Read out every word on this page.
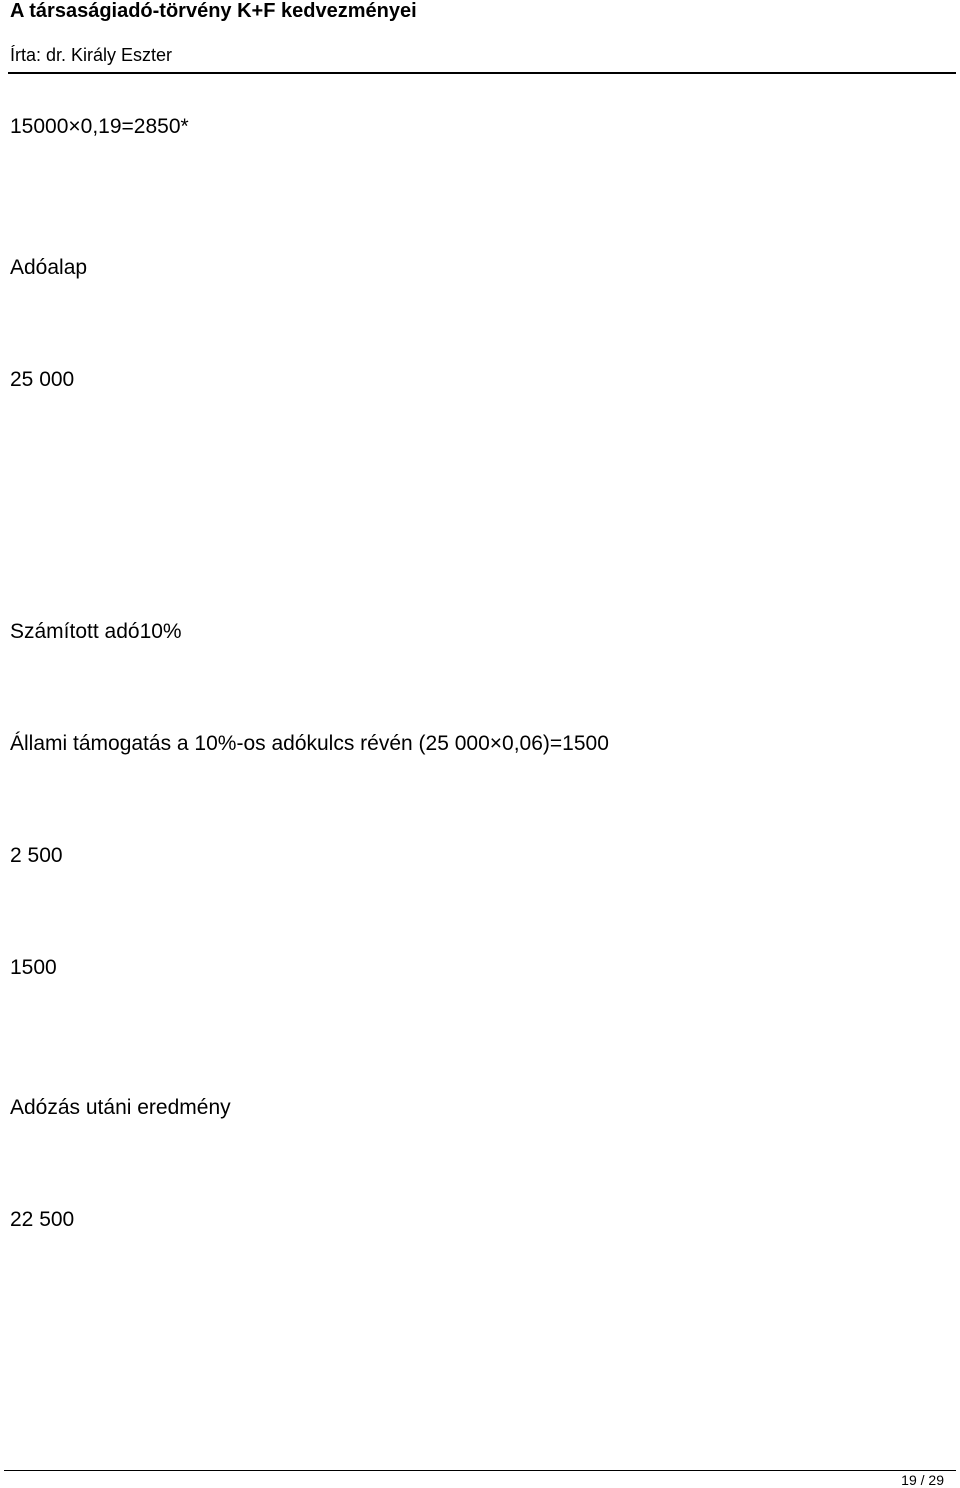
A társaságiadó-törvény K+F kedvezményei
Írta: dr. Király Eszter
15000×0,19=2850*
Adóalap
25 000
Számított adó10%
Állami támogatás a 10%-os adókulcs révén (25 000×0,06)=1500
2 500
1500
Adózás utáni eredmény
22 500
19 / 29
